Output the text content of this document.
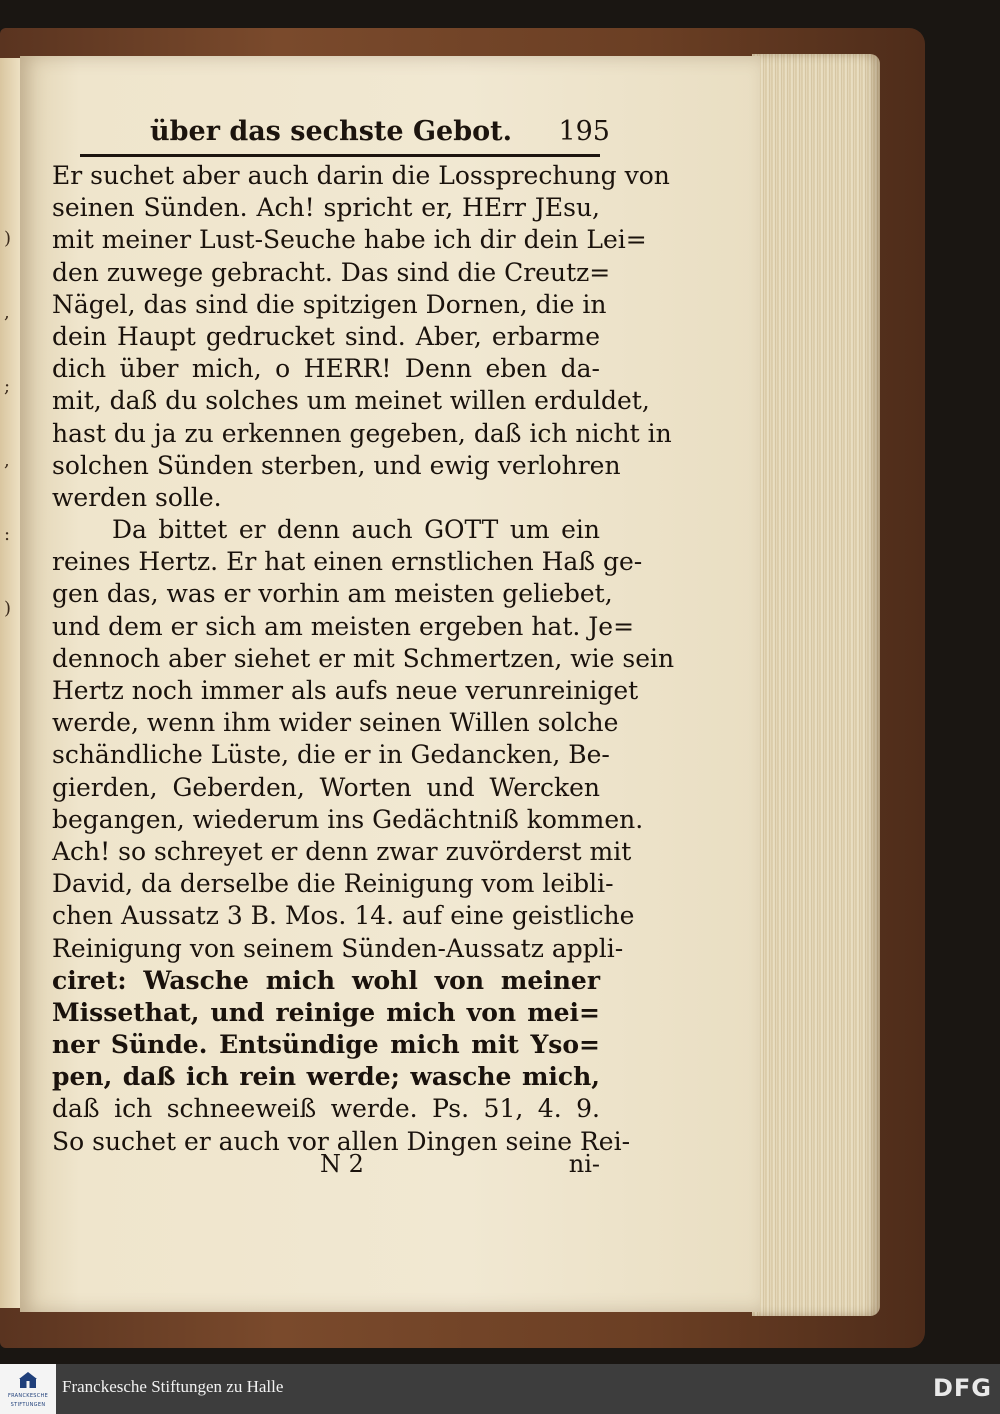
)
,
;
,
:
)
über das sechste Gebot. 195
Er suchet aber auch darin die Lossprechung von
seinen Sünden. Ach! spricht er, HErr JEsu,
mit meiner Lust-Seuche habe ich dir dein Lei=
den zuwege gebracht. Das sind die Creutz=
Nägel, das sind die spitzigen Dornen, die in
dein Haupt gedrucket sind. Aber, erbarme
dich über mich, o HERR! Denn eben da-
mit, daß du solches um meinet willen erduldet,
hast du ja zu erkennen gegeben, daß ich nicht in
solchen Sünden sterben, und ewig verlohren
werden solle.
Da bittet er denn auch GOTT um ein
reines Hertz. Er hat einen ernstlichen Haß ge-
gen das, was er vorhin am meisten geliebet,
und dem er sich am meisten ergeben hat. Je=
dennoch aber siehet er mit Schmertzen, wie sein
Hertz noch immer als aufs neue verunreiniget
werde, wenn ihm wider seinen Willen solche
schändliche Lüste, die er in Gedancken, Be-
gierden, Geberden, Worten und Wercken
begangen, wiederum ins Gedächtniß kommen.
Ach! so schreyet er denn zwar zuvörderst mit
David, da derselbe die Reinigung vom leibli-
chen Aussatz 3 B. Mos. 14. auf eine geistliche
Reinigung von seinem Sünden-Aussatz appli-
ciret: Wasche mich wohl von meiner
Missethat, und reinige mich von mei=
ner Sünde. Entsündige mich mit Yso=
pen, daß ich rein werde; wasche mich,
daß ich schneeweiß werde. Ps. 51, 4. 9.
So suchet er auch vor allen Dingen seine Rei-
N 2	ni-
FRANCKESCHE
STIFTUNGEN
Franckesche Stiftungen zu Halle	DFG
